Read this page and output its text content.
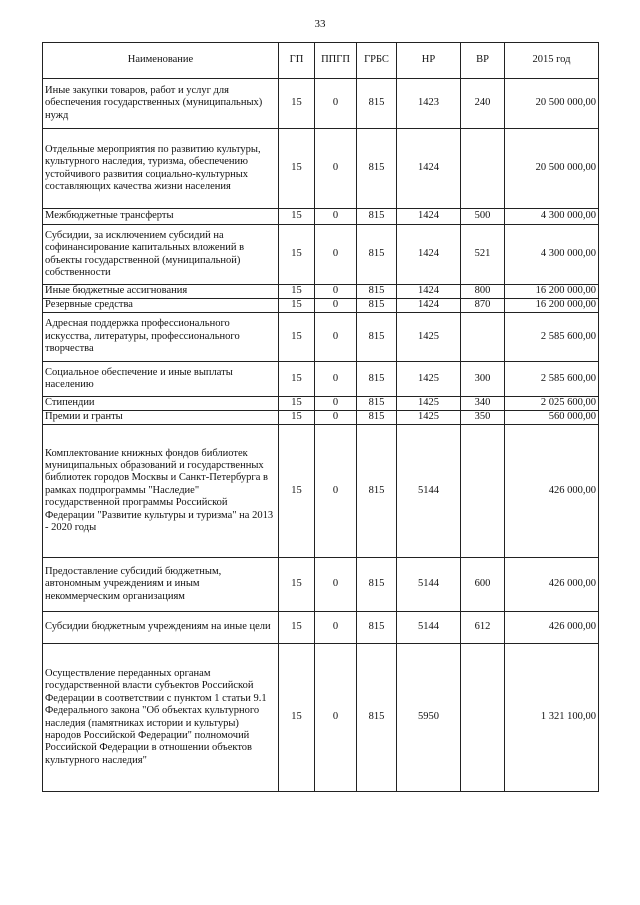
33
Наименование	ГП	ППГП	ГРБС	НР	ВР	2015 год
Иные закупки товаров, работ и услуг для обеспечения государственных (муниципальных) нужд	15	0	815	1423	240	20 500 000,00
Отдельные мероприятия по развитию культуры, культурного наследия, туризма, обеспечению устойчивого развития социально-культурных составляющих качества жизни населения	15	0	815	1424		20 500 000,00
Межбюджетные трансферты	15	0	815	1424	500	4 300 000,00
Субсидии, за исключением субсидий на софинансирование капитальных вложений в объекты государственной (муниципальной) собственности	15	0	815	1424	521	4 300 000,00
Иные бюджетные ассигнования	15	0	815	1424	800	16 200 000,00
Резервные средства	15	0	815	1424	870	16 200 000,00
Адресная поддержка профессионального искусства, литературы, профессионального творчества	15	0	815	1425		2 585 600,00
Социальное обеспечение и иные выплаты населению	15	0	815	1425	300	2 585 600,00
Стипендии	15	0	815	1425	340	2 025 600,00
Премии и гранты	15	0	815	1425	350	560 000,00
Комплектование книжных фондов библиотек муниципальных образований и государственных библиотек городов Москвы и Санкт-Петербурга в рамках подпрограммы "Наследие" государственной программы Российской Федерации "Развитие культуры и туризма" на 2013 - 2020 годы	15	0	815	5144		426 000,00
Предоставление субсидий бюджетным, автономным учреждениям и иным некоммерческим организациям	15	0	815	5144	600	426 000,00
Субсидии бюджетным учреждениям на иные цели	15	0	815	5144	612	426 000,00
Осуществление переданных органам государственной власти субъектов Российской Федерации в соответствии с пунктом 1 статьи 9.1 Федерального закона "Об объектах культурного наследия (памятниках истории и культуры) народов Российской Федерации" полномочий Российской Федерации в отношении объектов культурного наследия"	15	0	815	5950		1 321 100,00
